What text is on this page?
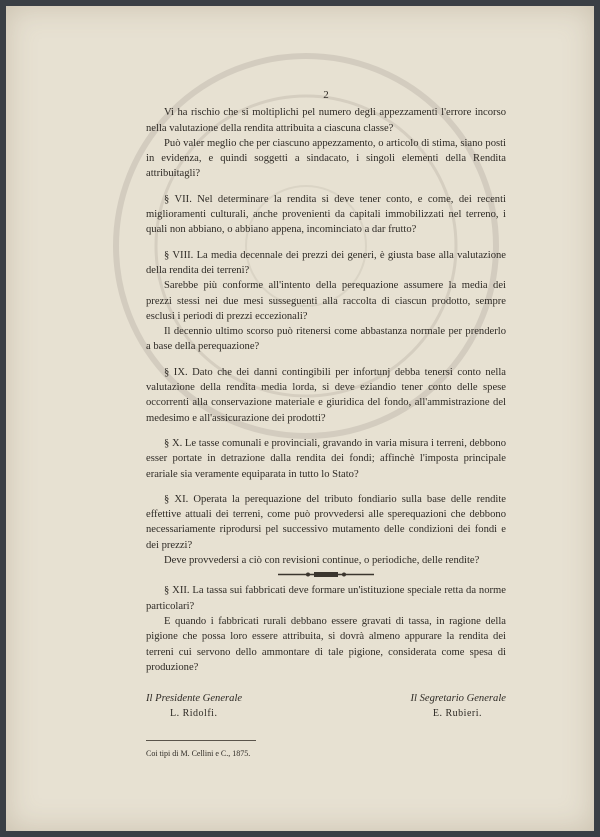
2

Vi ha rischio che si moltiplichi pel numero degli appezzamenti l'errore incorso nella valutazione della rendita attribuita a ciascuna classe?

Può valer meglio che per ciascuno appezzamento, o articolo di stima, siano posti in evidenza, e quindi soggetti a sindacato, i singoli elementi della Rendita attribuitagli?

§ VII. Nel determinare la rendita si deve tener conto, e come, dei recenti miglioramenti culturali, anche provenienti da capitali immobilizzati nel terreno, i quali non abbiano, o abbiano appena, incominciato a dar frutto?

§ VIII. La media decennale dei prezzi dei generi, è giusta base alla valutazione della rendita dei terreni?

Sarebbe più conforme all'intento della perequazione assumere la media dei prezzi stessi nei due mesi susseguenti alla raccolta di ciascun prodotto, sempre esclusi i periodi di prezzi eccezionali?

Il decennio ultimo scorso può ritenersi come abbastanza normale per prenderlo a base della perequazione?

§ IX. Dato che dei danni contingibili per infortunj debba tenersi conto nella valutazione della rendita media lorda, si deve eziandio tener conto delle spese occorrenti alla conservazione materiale e giuridica del fondo, all'ammistrazione del medesimo e all'assicurazione dei prodotti?

§ X. Le tasse comunali e provinciali, gravando in varia misura i terreni, debbono esser portate in detrazione dalla rendita dei fondi; affinchè l'imposta principale erariale sia veramente equiparata in tutto lo Stato?

§ XI. Operata la perequazione del tributo fondiario sulla base delle rendite effettive attuali dei terreni, come può provvedersi alle sperequazioni che debbono necessariamente riprodursi pel successivo mutamento delle condizioni dei fondi e dei prezzi?

Deve provvedersi a ciò con revisioni continue, o periodiche, delle rendite?

§ XII. La tassa sui fabbricati deve formare un'istituzione speciale retta da norme particolari?

E quando i fabbricati rurali debbano essere gravati di tassa, in ragione della pigione che possa loro essere attribuita, si dovrà almeno appurare la rendita dei terreni cui servono dello ammontare di tale pigione, considerata come spesa di produzione?

Il Presidente Generale	Il Segretario Generale
L. Ridolfi.	E. Rubieri.
Coi tipi di M. Cellini e C., 1875.
